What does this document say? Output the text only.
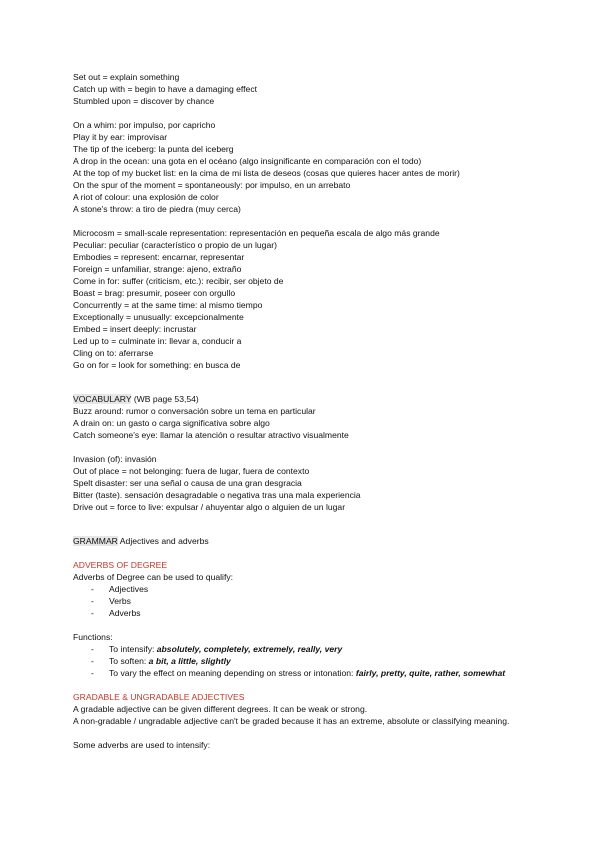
Set out = explain something
Catch up with = begin to have a damaging effect
Stumbled upon = discover by chance
On a whim: por impulso, por capricho
Play it by ear: improvisar
The tip of the iceberg: la punta del iceberg
A drop in the ocean: una gota en el océano (algo insignificante en comparación con el todo)
At the top of my bucket list: en la cima de mi lista de deseos (cosas que quieres hacer antes de morir)
On the spur of the moment = spontaneously: por impulso, en un arrebato
A riot of colour: una explosión de color
A stone's throw: a tiro de piedra (muy cerca)
Microcosm = small-scale representation: representación en pequeña escala de algo más grande
Peculiar: peculiar (característico o propio de un lugar)
Embodies = represent: encarnar, representar
Foreign = unfamiliar, strange: ajeno, extraño
Come in for: suffer (criticism, etc.): recibir, ser objeto de
Boast = brag: presumir, poseer con orgullo
Concurrently = at the same time: al mismo tiempo
Exceptionally = unusually: excepcionalmente
Embed = insert deeply: incrustar
Led up to = culminate in: llevar a, conducir a
Cling on to: aferrarse
Go on for = look for something: en busca de
VOCABULARY (WB page 53,54)
Buzz around: rumor o conversación sobre un tema en particular
A drain on: un gasto o carga significativa sobre algo
Catch someone's eye: llamar la atención o resultar atractivo visualmente
Invasion (of): invasión
Out of place = not belonging: fuera de lugar, fuera de contexto
Spelt disaster: ser una señal o causa de una gran desgracia
Bitter (taste). sensación desagradable o negativa tras una mala experiencia
Drive out = force to live: expulsar / ahuyentar algo o alguien de un lugar
GRAMMAR Adjectives and adverbs
ADVERBS OF DEGREE
Adverbs of Degree can be used to qualify:
- Adjectives
- Verbs
- Adverbs
Functions:
- To intensify: absolutely, completely, extremely, really, very
- To soften: a bit, a little, slightly
- To vary the effect on meaning depending on stress or intonation: fairly, pretty, quite, rather, somewhat
GRADABLE & UNGRADABLE ADJECTIVES
A gradable adjective can be given different degrees. It can be weak or strong.
A non-gradable / ungradable adjective can't be graded because it has an extreme, absolute or classifying meaning.
Some adverbs are used to intensify:
